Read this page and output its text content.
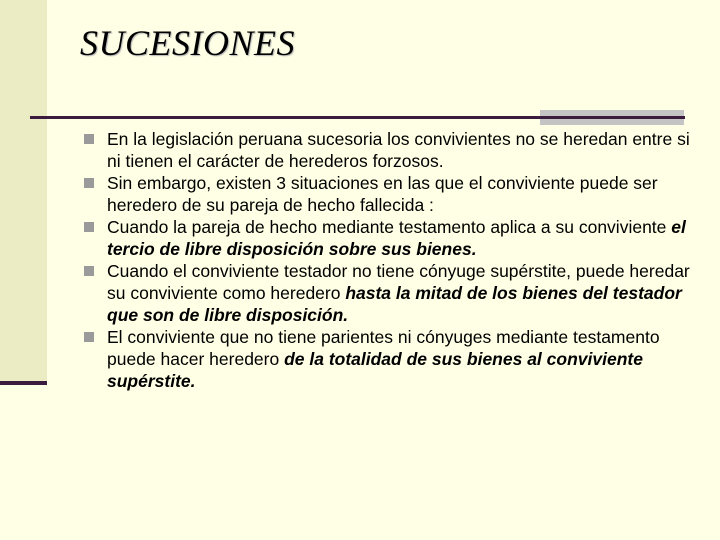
SUCESIONES
En la legislación peruana sucesoria los convivientes no se heredan entre si ni tienen el carácter de herederos forzosos.
Sin embargo, existen 3 situaciones en las que el conviviente puede ser heredero de su pareja de hecho fallecida :
Cuando la pareja de hecho mediante testamento aplica a su conviviente el tercio de libre disposición sobre sus bienes.
Cuando el conviviente testador no tiene cónyuge supérstite, puede heredar su conviviente como heredero hasta la mitad de los bienes del testador que son de libre disposición.
El conviviente que no tiene parientes ni cónyuges mediante testamento puede hacer heredero de la totalidad de sus bienes al conviviente supérstite.
